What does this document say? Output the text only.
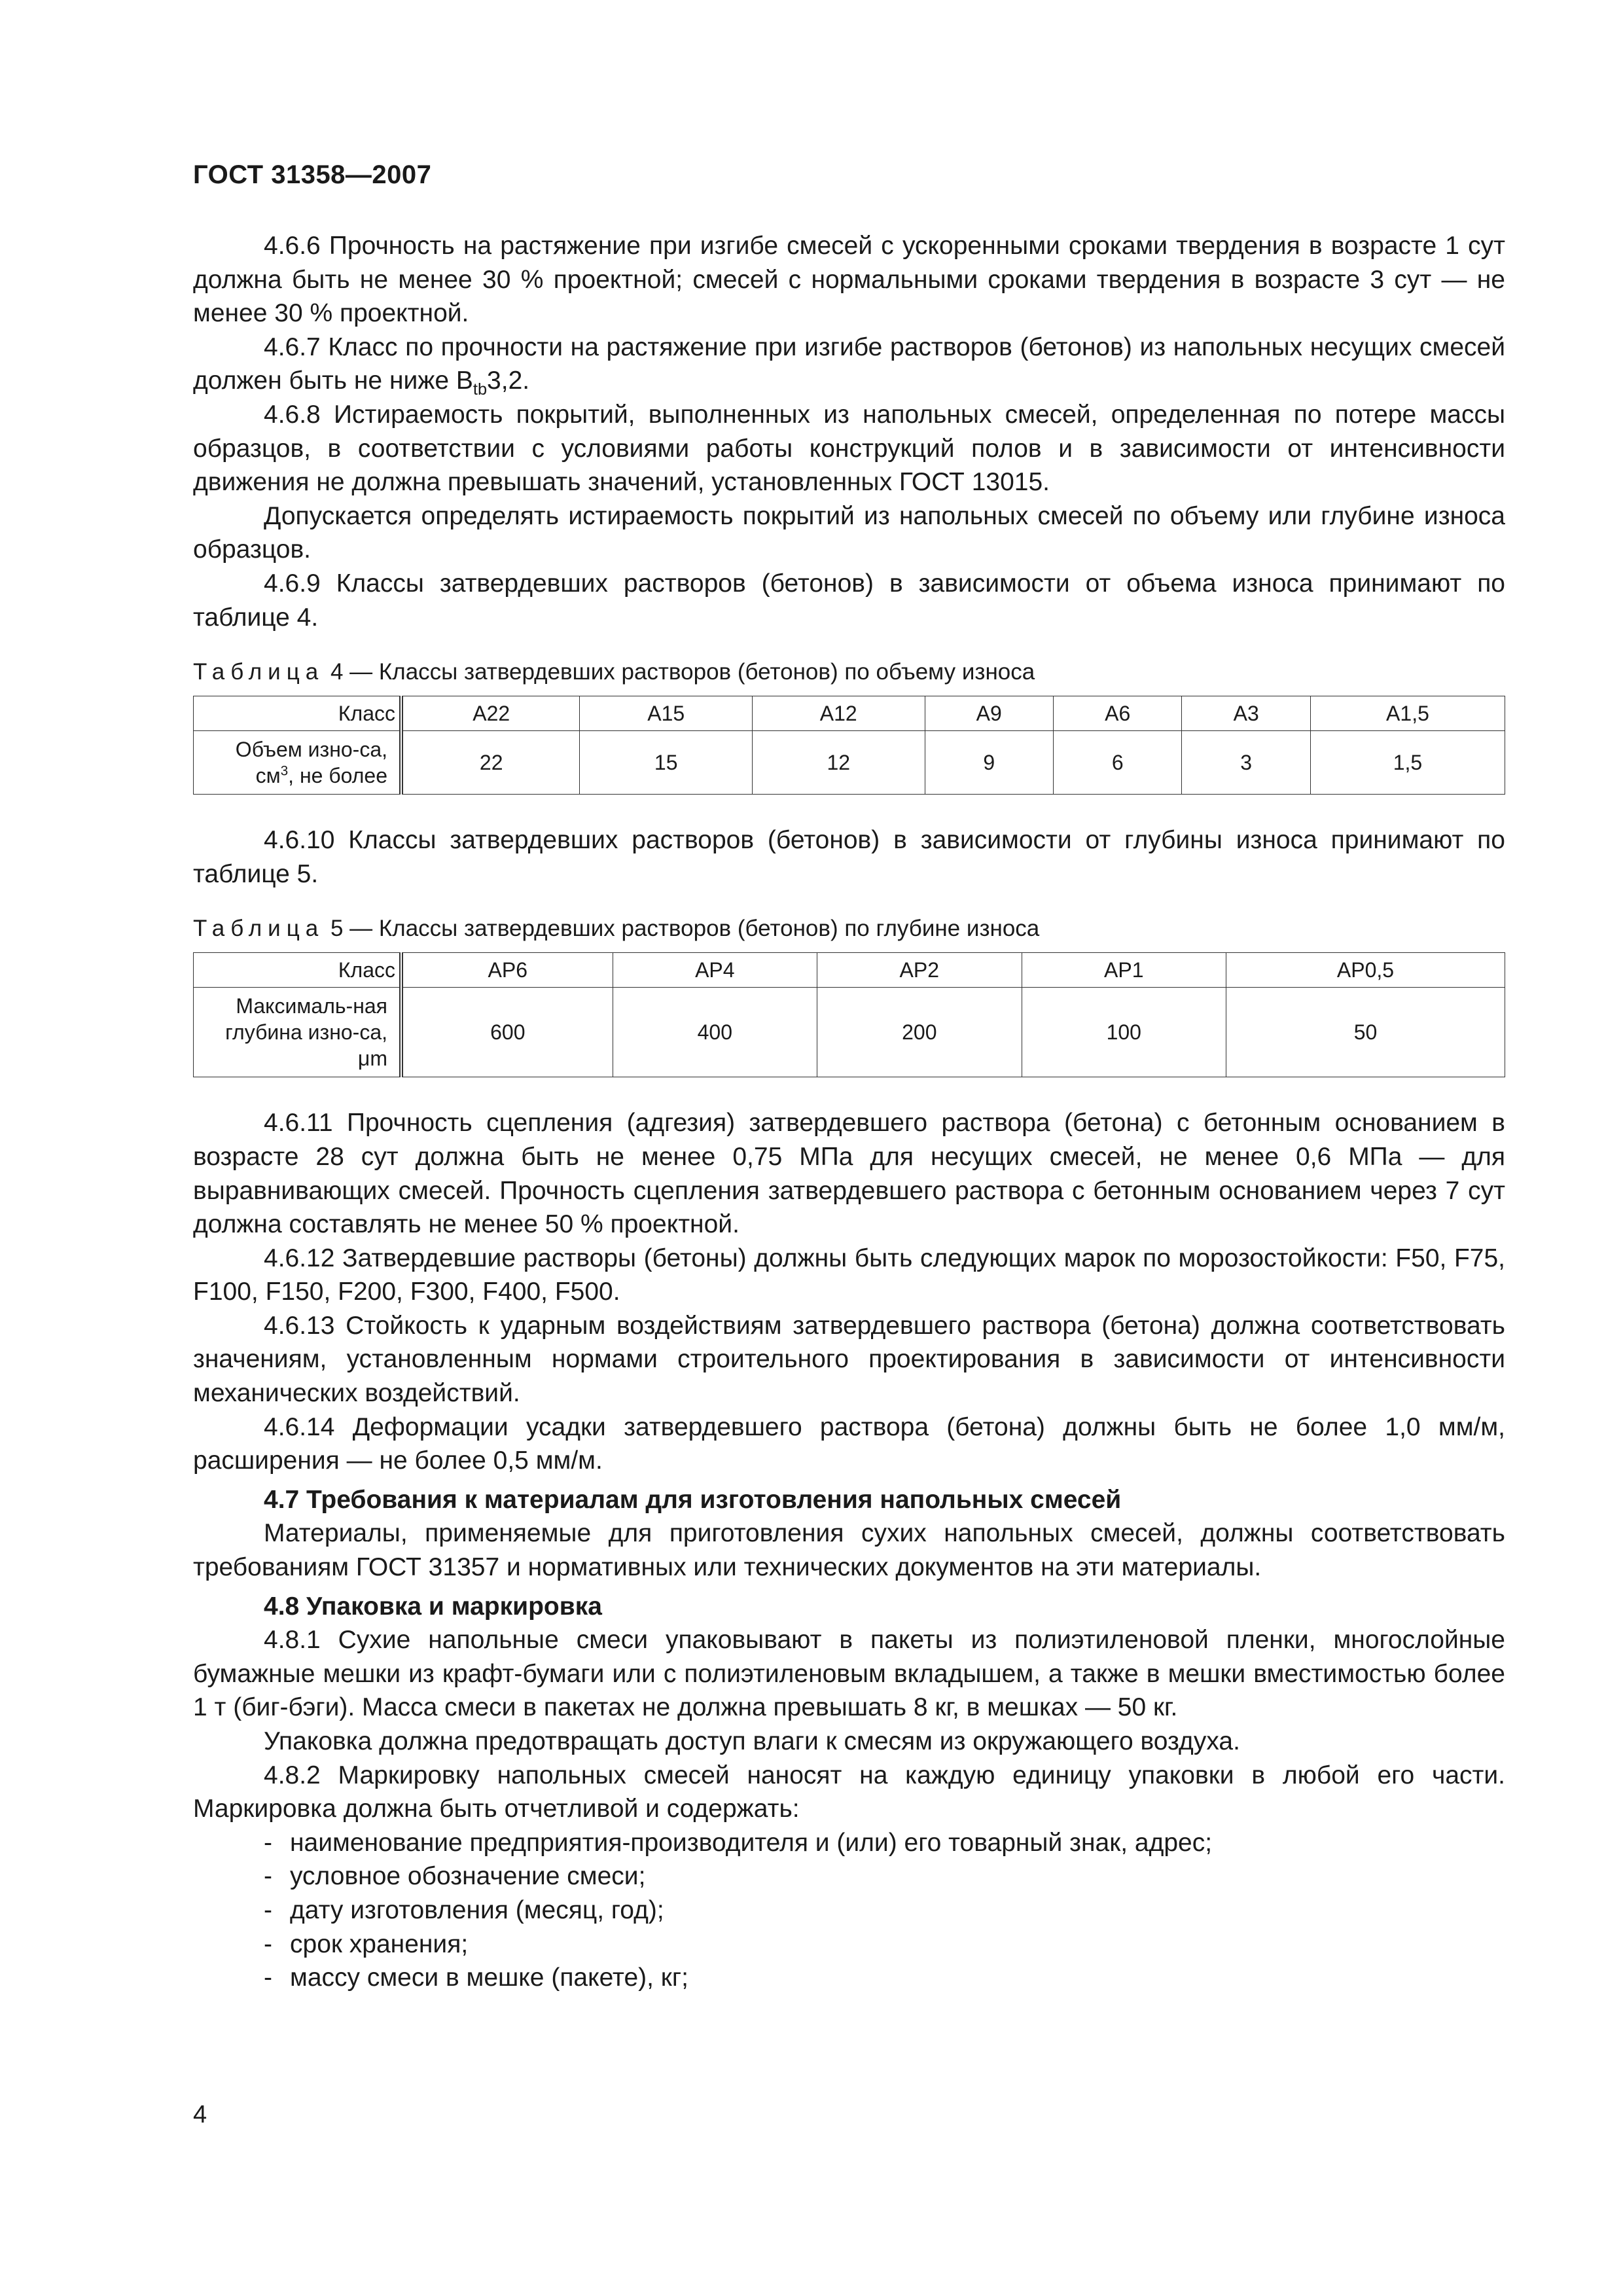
ГОСТ 31358—2007

4.6.6 Прочность на растяжение при изгибе смесей с ускоренными сроками твердения в возрасте 1 сут должна быть не менее 30 % проектной; смесей с нормальными сроками твердения в возрасте 3 сут — не менее 30 % проектной.

4.6.7 Класс по прочности на растяжение при изгибе растворов (бетонов) из напольных несущих смесей должен быть не ниже $B_{tb}3,2$.

4.6.8 Истираемость покрытий, выполненных из напольных смесей, определенная по потере массы образцов, в соответствии с условиями работы конструкций полов и в зависимости от интенсивности движения не должна превышать значений, установленных ГОСТ 13015.

Допускается определять истираемость покрытий из напольных смесей по объему или глубине износа образцов.

4.6.9 Классы затвердевших растворов (бетонов) в зависимости от объема износа принимают по таблице 4.

Таблица 4 — Классы затвердевших растворов (бетонов) по объему износа

Класс	А22	А15	А12	А9	А6	А3	А1,5
Объем изно-са, $см^3$, не более	22	15	12	9	6	3	1,5

4.6.10 Классы затвердевших растворов (бетонов) в зависимости от глубины износа принимают по таблице 5.

Таблица 5 — Классы затвердевших растворов (бетонов) по глубине износа

Класс	АР6	АР4	АР2	АР1	АР0,5
Максималь-ная глубина изно-са, μm	600	400	200	100	50

4.6.11 Прочность сцепления (адгезия) затвердевшего раствора (бетона) с бетонным основанием в возрасте 28 сут должна быть не менее 0,75 МПа для несущих смесей, не менее 0,6 МПа — для выравнивающих смесей. Прочность сцепления затвердевшего раствора с бетонным основанием через 7 сут должна составлять не менее 50 % проектной.

4.6.12 Затвердевшие растворы (бетоны) должны быть следующих марок по морозостойкости: F50, F75, F100, F150, F200, F300, F400, F500.

4.6.13 Стойкость к ударным воздействиям затвердевшего раствора (бетона) должна соответствовать значениям, установленным нормами строительного проектирования в зависимости от интенсивности механических воздействий.

4.6.14 Деформации усадки затвердевшего раствора (бетона) должны быть не более 1,0 мм/м, расширения — не более 0,5 мм/м.

4.7 Требования к материалам для изготовления напольных смесей

Материалы, применяемые для приготовления сухих напольных смесей, должны соответствовать требованиям ГОСТ 31357 и нормативных или технических документов на эти материалы.

4.8 Упаковка и маркировка

4.8.1 Сухие напольные смеси упаковывают в пакеты из полиэтиленовой пленки, многослойные бумажные мешки из крафт-бумаги или с полиэтиленовым вкладышем, а также в мешки вместимостью более 1 т (биг-бэги). Масса смеси в пакетах не должна превышать 8 кг, в мешках — 50 кг.

Упаковка должна предотвращать доступ влаги к смесям из окружающего воздуха.

4.8.2 Маркировку напольных смесей наносят на каждую единицу упаковки в любой его части. Маркировка должна быть отчетливой и содержать:

- наименование предприятия-производителя и (или) его товарный знак, адрес;
- условное обозначение смеси;
- дату изготовления (месяц, год);
- срок хранения;
- массу смеси в мешке (пакете), кг;
4
